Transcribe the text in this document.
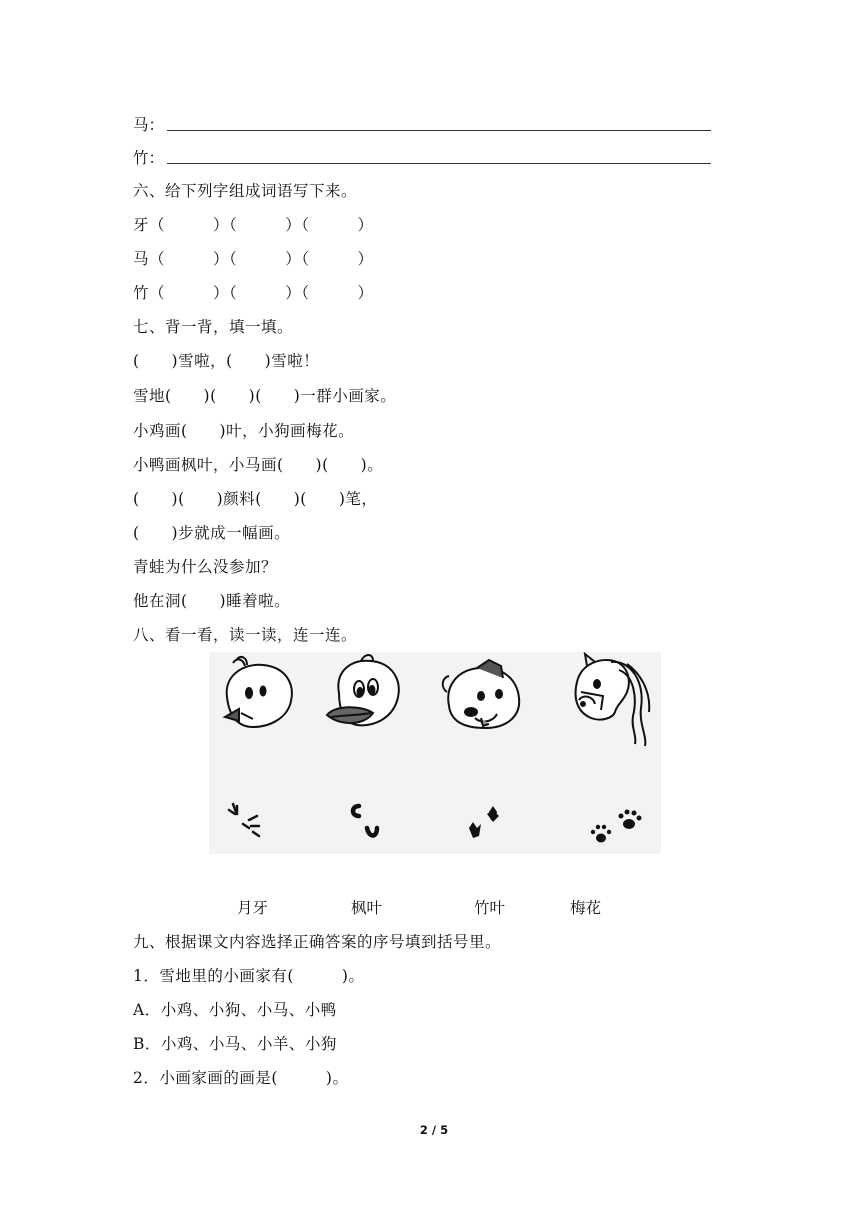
马：
竹：
六、给下列字组成词语写下来。
牙（　　　）（　　　）（　　　）
马（　　　）（　　　）（　　　）
竹（　　　）（　　　）（　　　）
七、背一背，填一填。
(　　)雪啦，(　　)雪啦！
雪地(　　)(　　)(　　)一群小画家。
小鸡画(　　)叶，小狗画梅花。
小鸭画枫叶，小马画(　　)(　　)。
(　　)(　　)颜料(　　)(　　)笔，
(　　)步就成一幅画。
青蛙为什么没参加？
他在洞(　　)睡着啦。
八、看一看，读一读，连一连。
月牙	枫叶	竹叶	梅花
九、根据课文内容选择正确答案的序号填到括号里。
1．雪地里的小画家有(　　　)。
A．小鸡、小狗、小马、小鸭
B．小鸡、小马、小羊、小狗
2．小画家画的画是(　　　)。
2 / 5
